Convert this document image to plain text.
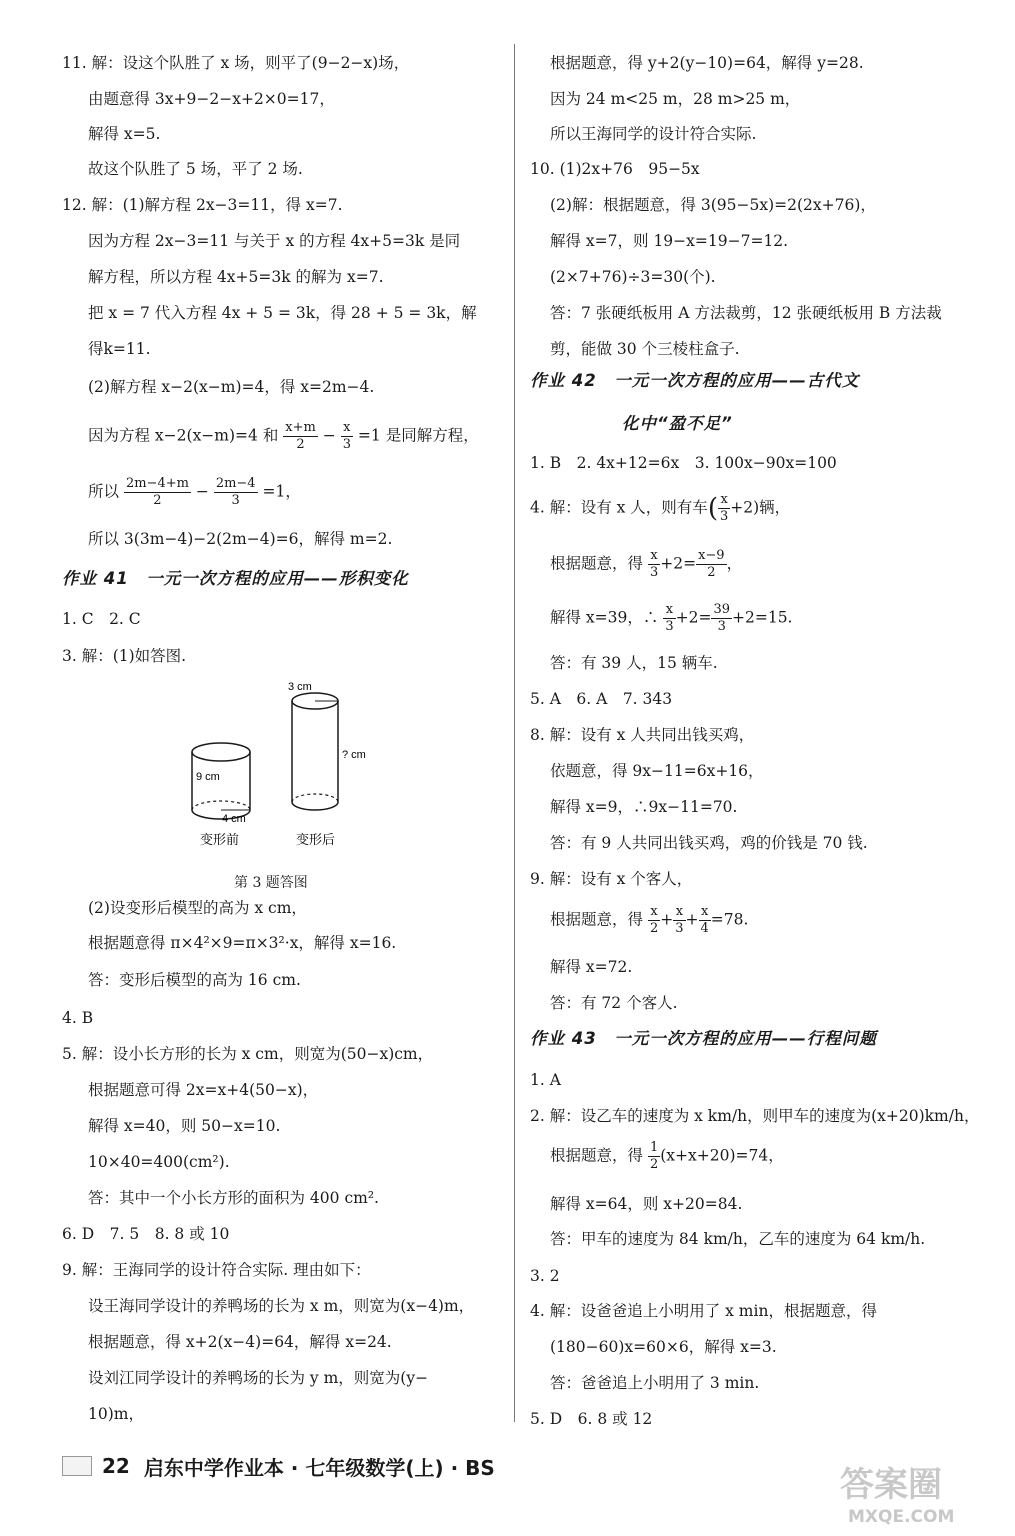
因为方程 x−2(x−m)=4 和 $\frac{x+m}{2} - \frac{x}{3} =1$ 是同解方程，
所以 $\frac{2m-4+m}{2} - \frac{2m-4}{3} =1$，
作业 41　一元一次方程的应用——形积变化
3 cm
? cm
9 cm
4 cm
变形前	变形后
第 3 题答图
11. 解：设这个队胜了 x 场，则平了(9−2−x)场，
由题意得 3x+9−2−x+2×0=17，
解得 x=5.
故这个队胜了 5 场，平了 2 场.
12. 解：(1)解方程 2x−3=11，得 x=7.
因为方程 2x−3=11 与关于 x 的方程 4x+5=3k 是同
解方程，所以方程 4x+5=3k 的解为 x=7.
把 x = 7 代入方程 4x + 5 = 3k，得 28 + 5 = 3k，解
得k=11.
(2)解方程 x−2(x−m)=4，得 x=2m−4.
所以 3(3m−4)−2(2m−4)=6，解得 m=2.
1. C　2. C
3. 解：(1)如答图.
(2)设变形后模型的高为 x cm，
根据题意得 π×4²×9=π×3²·x，解得 x=16.
答：变形后模型的高为 16 cm.
4. B
5. 解：设小长方形的长为 x cm，则宽为(50−x)cm，
根据题意可得 2x=x+4(50−x)，
解得 x=40，则 50−x=10.
10×40=400(cm²).
答：其中一个小长方形的面积为 400 cm².
6. D　7. 5　8. 8 或 10
9. 解：王海同学的设计符合实际. 理由如下：
设王海同学设计的养鸭场的长为 x m，则宽为(x−4)m，
根据题意，得 x+2(x−4)=64，解得 x=24.
设刘江同学设计的养鸭场的长为 y m，则宽为(y−
10)m，
作业 42　一元一次方程的应用——古代文
化中“盈不足”
4. 解：设有 x 人，则有车( $\frac{x}{3} +2$)辆，
根据题意，得 $\frac{x}{3} +2= \frac{x-9}{2}$ ，
解得 x=39，∴ $\frac{x}{3} +2= \frac{39}{3} +2=15$.
根据题意，得 $\frac{x}{2} + \frac{x}{3} + \frac{x}{4} =78$.
作业 43　一元一次方程的应用——行程问题
根据题意，得 $\frac{1}{2} (x+x+20)=74$，
根据题意，得 y+2(y−10)=64，解得 y=28.
因为 24 m<25 m，28 m>25 m，
所以王海同学的设计符合实际.
10. (1)2x+76　95−5x
(2)解：根据题意，得 3(95−5x)=2(2x+76)，
解得 x=7，则 19−x=19−7=12.
(2×7+76)÷3=30(个).
答：7 张硬纸板用 A 方法裁剪，12 张硬纸板用 B 方法裁
剪，能做 30 个三棱柱盒子.
1. B　2. 4x+12=6x　3. 100x−90x=100
答：有 39 人，15 辆车.
5. A　6. A　7. 343
8. 解：设有 x 人共同出钱买鸡，
依题意，得 9x−11=6x+16，
解得 x=9，∴9x−11=70.
答：有 9 人共同出钱买鸡，鸡的价钱是 70 钱.
9. 解：设有 x 个客人，
解得 x=72.
答：有 72 个客人.
1. A
2. 解：设乙车的速度为 x km/h，则甲车的速度为(x+20)km/h，
解得 x=64，则 x+20=84.
答：甲车的速度为 84 km/h，乙车的速度为 64 km/h.
3. 2
4. 解：设爸爸追上小明用了 x min，根据题意，得
(180−60)x=60×6，解得 x=3.
答：爸爸追上小明用了 3 min.
5. D　6. 8 或 12
22 启东中学作业本 · 七年级数学(上) · BS	答案圈
MXQE.COM
